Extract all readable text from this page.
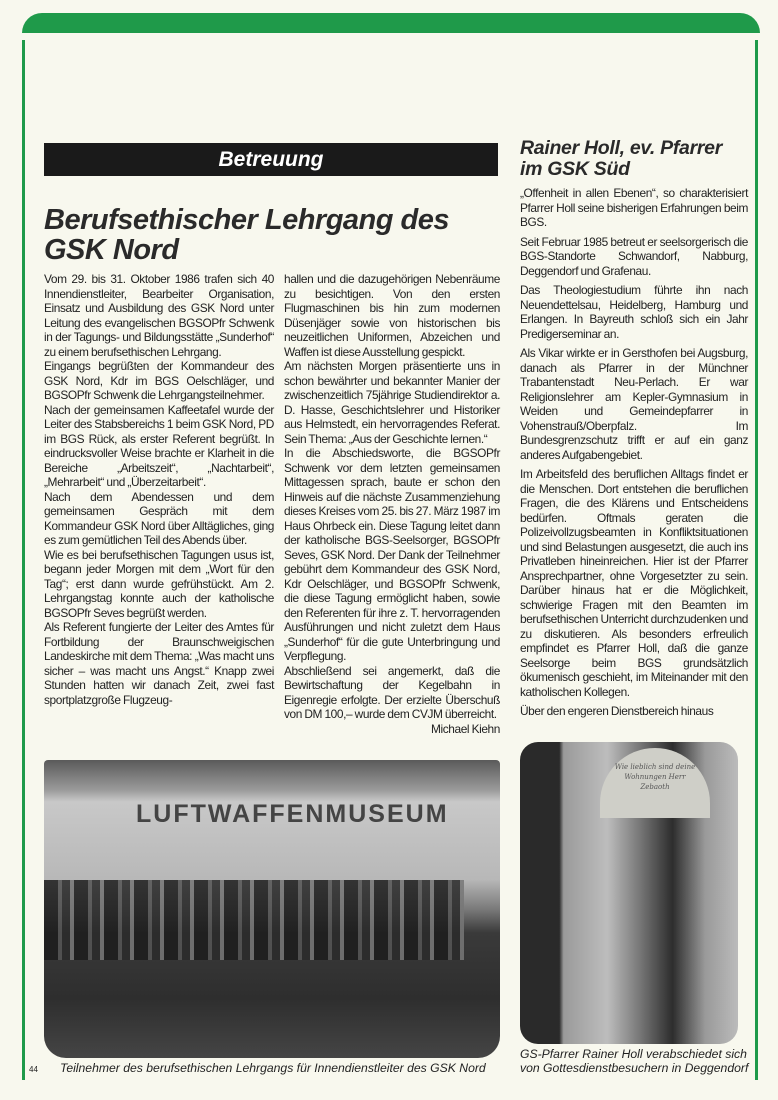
Betreuung
Berufsethischer Lehrgang des GSK Nord

Vom 29. bis 31. Oktober 1986 trafen sich 40 Innendienstleiter, Bearbeiter Organisation, Einsatz und Ausbildung des GSK Nord unter Leitung des evangelischen BGSOPfr Schwenk in der Tagungs- und Bildungsstätte „Sunderhof“ zu einem berufsethischen Lehrgang.

Eingangs begrüßten der Kommandeur des GSK Nord, Kdr im BGS Oelschläger, und BGSOPfr Schwenk die Lehrgangsteilnehmer.

Nach der gemeinsamen Kaffeetafel wurde der Leiter des Stabsbereichs 1 beim GSK Nord, PD im BGS Rück, als erster Referent begrüßt. In eindrucksvoller Weise brachte er Klarheit in die Bereiche „Arbeitszeit“, „Nachtarbeit“, „Mehrarbeit“ und „Überzeitarbeit“.

Nach dem Abendessen und dem gemeinsamen Gespräch mit dem Kommandeur GSK Nord über Alltägliches, ging es zum gemütlichen Teil des Abends über.

Wie es bei berufsethischen Tagungen usus ist, begann jeder Morgen mit dem „Wort für den Tag“; erst dann wurde gefrühstückt. Am 2. Lehrgangstag konnte auch der katholische BGSOPfr Seves begrüßt werden.

Als Referent fungierte der Leiter des Amtes für Fortbildung der Braunschweigischen Landeskirche mit dem Thema: „Was macht uns sicher – was macht uns Angst.“ Knapp zwei Stunden hatten wir danach Zeit, zwei fast sportplatzgroße Flugzeug-

hallen und die dazugehörigen Nebenräume zu besichtigen. Von den ersten Flugmaschinen bis hin zum modernen Düsenjäger sowie von historischen bis neuzeitlichen Uniformen, Abzeichen und Waffen ist diese Ausstellung gespickt.

Am nächsten Morgen präsentierte uns in schon bewährter und bekannter Manier der zwischenzeitlich 75jährige Studiendirektor a. D. Hasse, Geschichtslehrer und Historiker aus Helmstedt, ein hervorragendes Referat. Sein Thema: „Aus der Geschichte lernen.“

In die Abschiedsworte, die BGSOPfr Schwenk vor dem letzten gemeinsamen Mittagessen sprach, baute er schon den Hinweis auf die nächste Zusammenziehung dieses Kreises vom 25. bis 27. März 1987 im Haus Ohrbeck ein. Diese Tagung leitet dann der katholische BGS-Seelsorger, BGSOPfr Seves, GSK Nord. Der Dank der Teilnehmer gebührt dem Kommandeur des GSK Nord, Kdr Oelschläger, und BGSOPfr Schwenk, die diese Tagung ermöglicht haben, sowie den Referenten für ihre z. T. hervorragenden Ausführungen und nicht zuletzt dem Haus „Sunderhof“ für die gute Unterbringung und Verpflegung.

Abschließend sei angemerkt, daß die Bewirtschaftung der Kegelbahn in Eigenregie erfolgte. Der erzielte Überschuß von DM 100,– wurde dem CVJM überreicht.

Michael Kiehn

Rainer Holl, ev. Pfarrer im GSK Süd

„Offenheit in allen Ebenen“, so charakterisiert Pfarrer Holl seine bisherigen Erfahrungen beim BGS.

Seit Februar 1985 betreut er seelsorgerisch die BGS-Standorte Schwandorf, Nabburg, Deggendorf und Grafenau.

Das Theologiestudium führte ihn nach Neuendettelsau, Heidelberg, Hamburg und Erlangen. In Bayreuth schloß sich ein Jahr Predigerseminar an.

Als Vikar wirkte er in Gersthofen bei Augsburg, danach als Pfarrer in der Münchner Trabantenstadt Neu-Perlach. Er war Religionslehrer am Kepler-Gymnasium in Weiden und Gemeindepfarrer in Vohenstrauß/Oberpfalz. Im Bundesgrenzschutz trifft er auf ein ganz anderes Aufgabengebiet.

Im Arbeitsfeld des beruflichen Alltags findet er die Menschen. Dort entstehen die beruflichen Fragen, die des Klärens und Entscheidens bedürfen. Oftmals geraten die Polizeivollzugsbeamten in Konfliktsituationen und sind Belastungen ausgesetzt, die auch ins Privatleben hineinreichen. Hier ist der Pfarrer Ansprechpartner, ohne Vorgesetzter zu sein. Darüber hinaus hat er die Möglichkeit, schwierige Fragen mit den Beamten im berufsethischen Unterricht durchzudenken und zu diskutieren. Als besonders erfreulich empfindet es Pfarrer Holl, daß die ganze Seelsorge beim BGS grundsätzlich ökumenisch geschieht, im Miteinander mit den katholischen Kollegen.

Über den engeren Dienstbereich hinaus

LUFTWAFFENMUSEUM
Wie lieblich sind deine Wohnungen Herr Zebaoth
44 Teilnehmer des berufsethischen Lehrgangs für Innendienstleiter des GSK Nord
GS-Pfarrer Rainer Holl verabschiedet sich von Gottesdienstbesuchern in Deggendorf
